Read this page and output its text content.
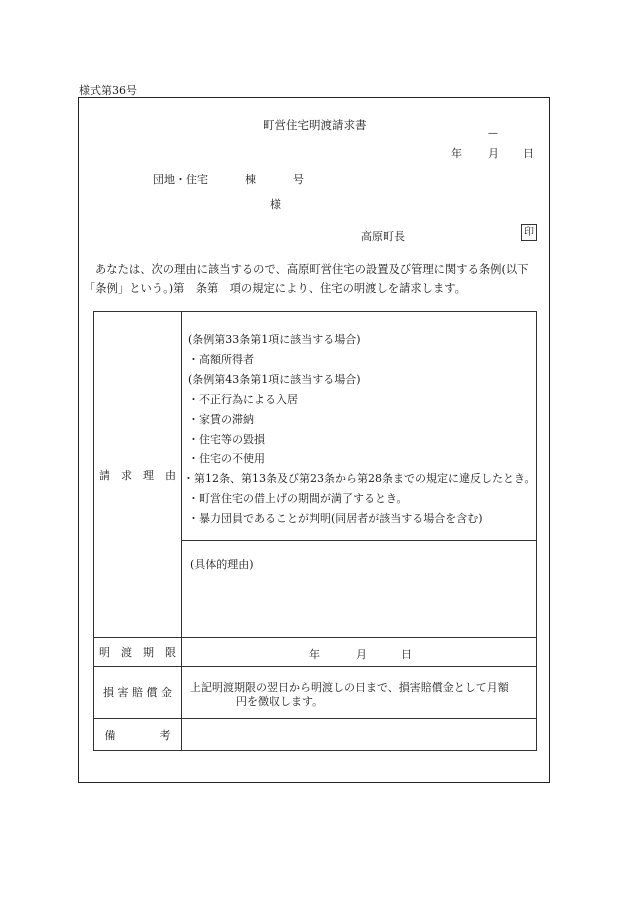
様式第36号
町営住宅明渡請求書
—
年 月 日
団地・住宅	棟	号
様
高原町長	印
あなたは、次の理由に該当するので、高原町営住宅の設置及び管理に関する条例(以下
「条例」という。)第　条第　項の規定により、住宅の明渡しを請求します。
請　求　理　由
(条例第33条第1項に該当する場合)
・高額所得者
(条例第43条第1項に該当する場合)
・不正行為による入居
・家賃の滞納
・住宅等の毀損
・住宅の不使用
・第12条、第13条及び第23条から第28条までの規定に違反したとき。
・町営住宅の借上げの期間が満了するとき。
・暴力団員であることが判明(同居者が該当する場合を含む)
(具体的理由)
明　渡　期　限	年	月	日
損 害 賠 償 金	上記明渡期限の翌日から明渡しの日まで、損害賠償金として月額
円を徴収します。
備　　　　考
